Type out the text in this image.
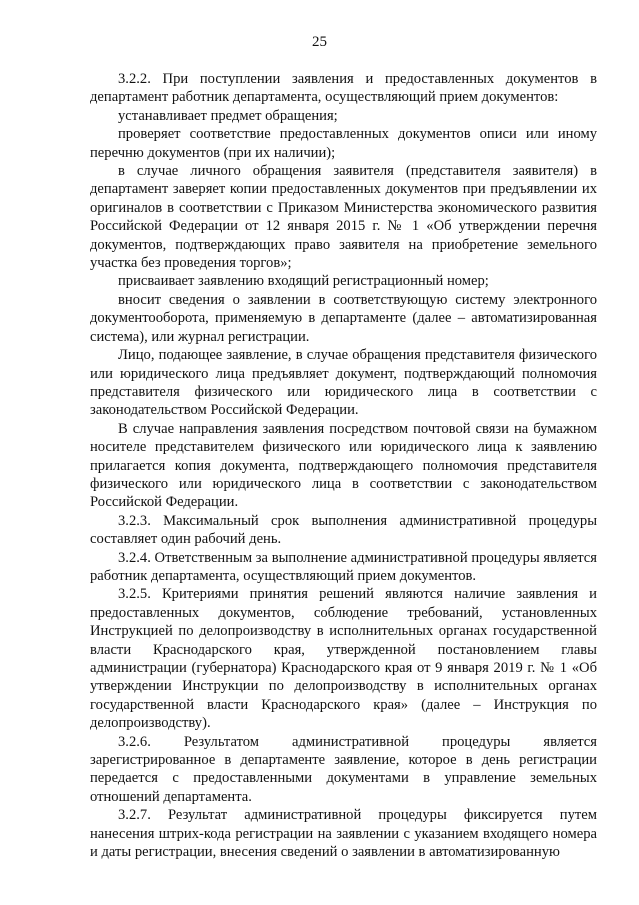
25

3.2.2. При поступлении заявления и предоставленных документов в департамент работник департамента, осуществляющий прием документов:

устанавливает предмет обращения;

проверяет соответствие предоставленных документов описи или иному перечню документов (при их наличии);

в случае личного обращения заявителя (представителя заявителя) в департамент заверяет копии предоставленных документов при предъявлении их оригиналов в соответствии с Приказом Министерства экономического развития Российской Федерации от 12 января 2015 г. № 1 «Об утверждении перечня документов, подтверждающих право заявителя на приобретение земельного участка без проведения торгов»;

присваивает заявлению входящий регистрационный номер;

вносит сведения о заявлении в соответствующую систему электронного документооборота, применяемую в департаменте (далее – автоматизированная система), или журнал регистрации.

Лицо, подающее заявление, в случае обращения представителя физического или юридического лица предъявляет документ, подтверждающий полномочия представителя физического или юридического лица в соответствии с законодательством Российской Федерации.

В случае направления заявления посредством почтовой связи на бумажном носителе представителем физического или юридического лица к заявлению прилагается копия документа, подтверждающего полномочия представителя физического или юридического лица в соответствии с законодательством Российской Федерации.

3.2.3. Максимальный срок выполнения административной процедуры составляет один рабочий день.

3.2.4. Ответственным за выполнение административной процедуры является работник департамента, осуществляющий прием документов.

3.2.5. Критериями принятия решений являются наличие заявления и предоставленных документов, соблюдение требований, установленных Инструкцией по делопроизводству в исполнительных органах государственной власти Краснодарского края, утвержденной постановлением главы администрации (губернатора) Краснодарского края от 9 января 2019 г. № 1 «Об утверждении Инструкции по делопроизводству в исполнительных органах государственной власти Краснодарского края» (далее – Инструкция по делопроизводству).

3.2.6. Результатом административной процедуры является зарегистрированное в департаменте заявление, которое в день регистрации передается с предоставленными документами в управление земельных отношений департамента.

3.2.7. Результат административной процедуры фиксируется путем нанесения штрих-кода регистрации на заявлении с указанием входящего номера и даты регистрации, внесения сведений о заявлении в автоматизированную
